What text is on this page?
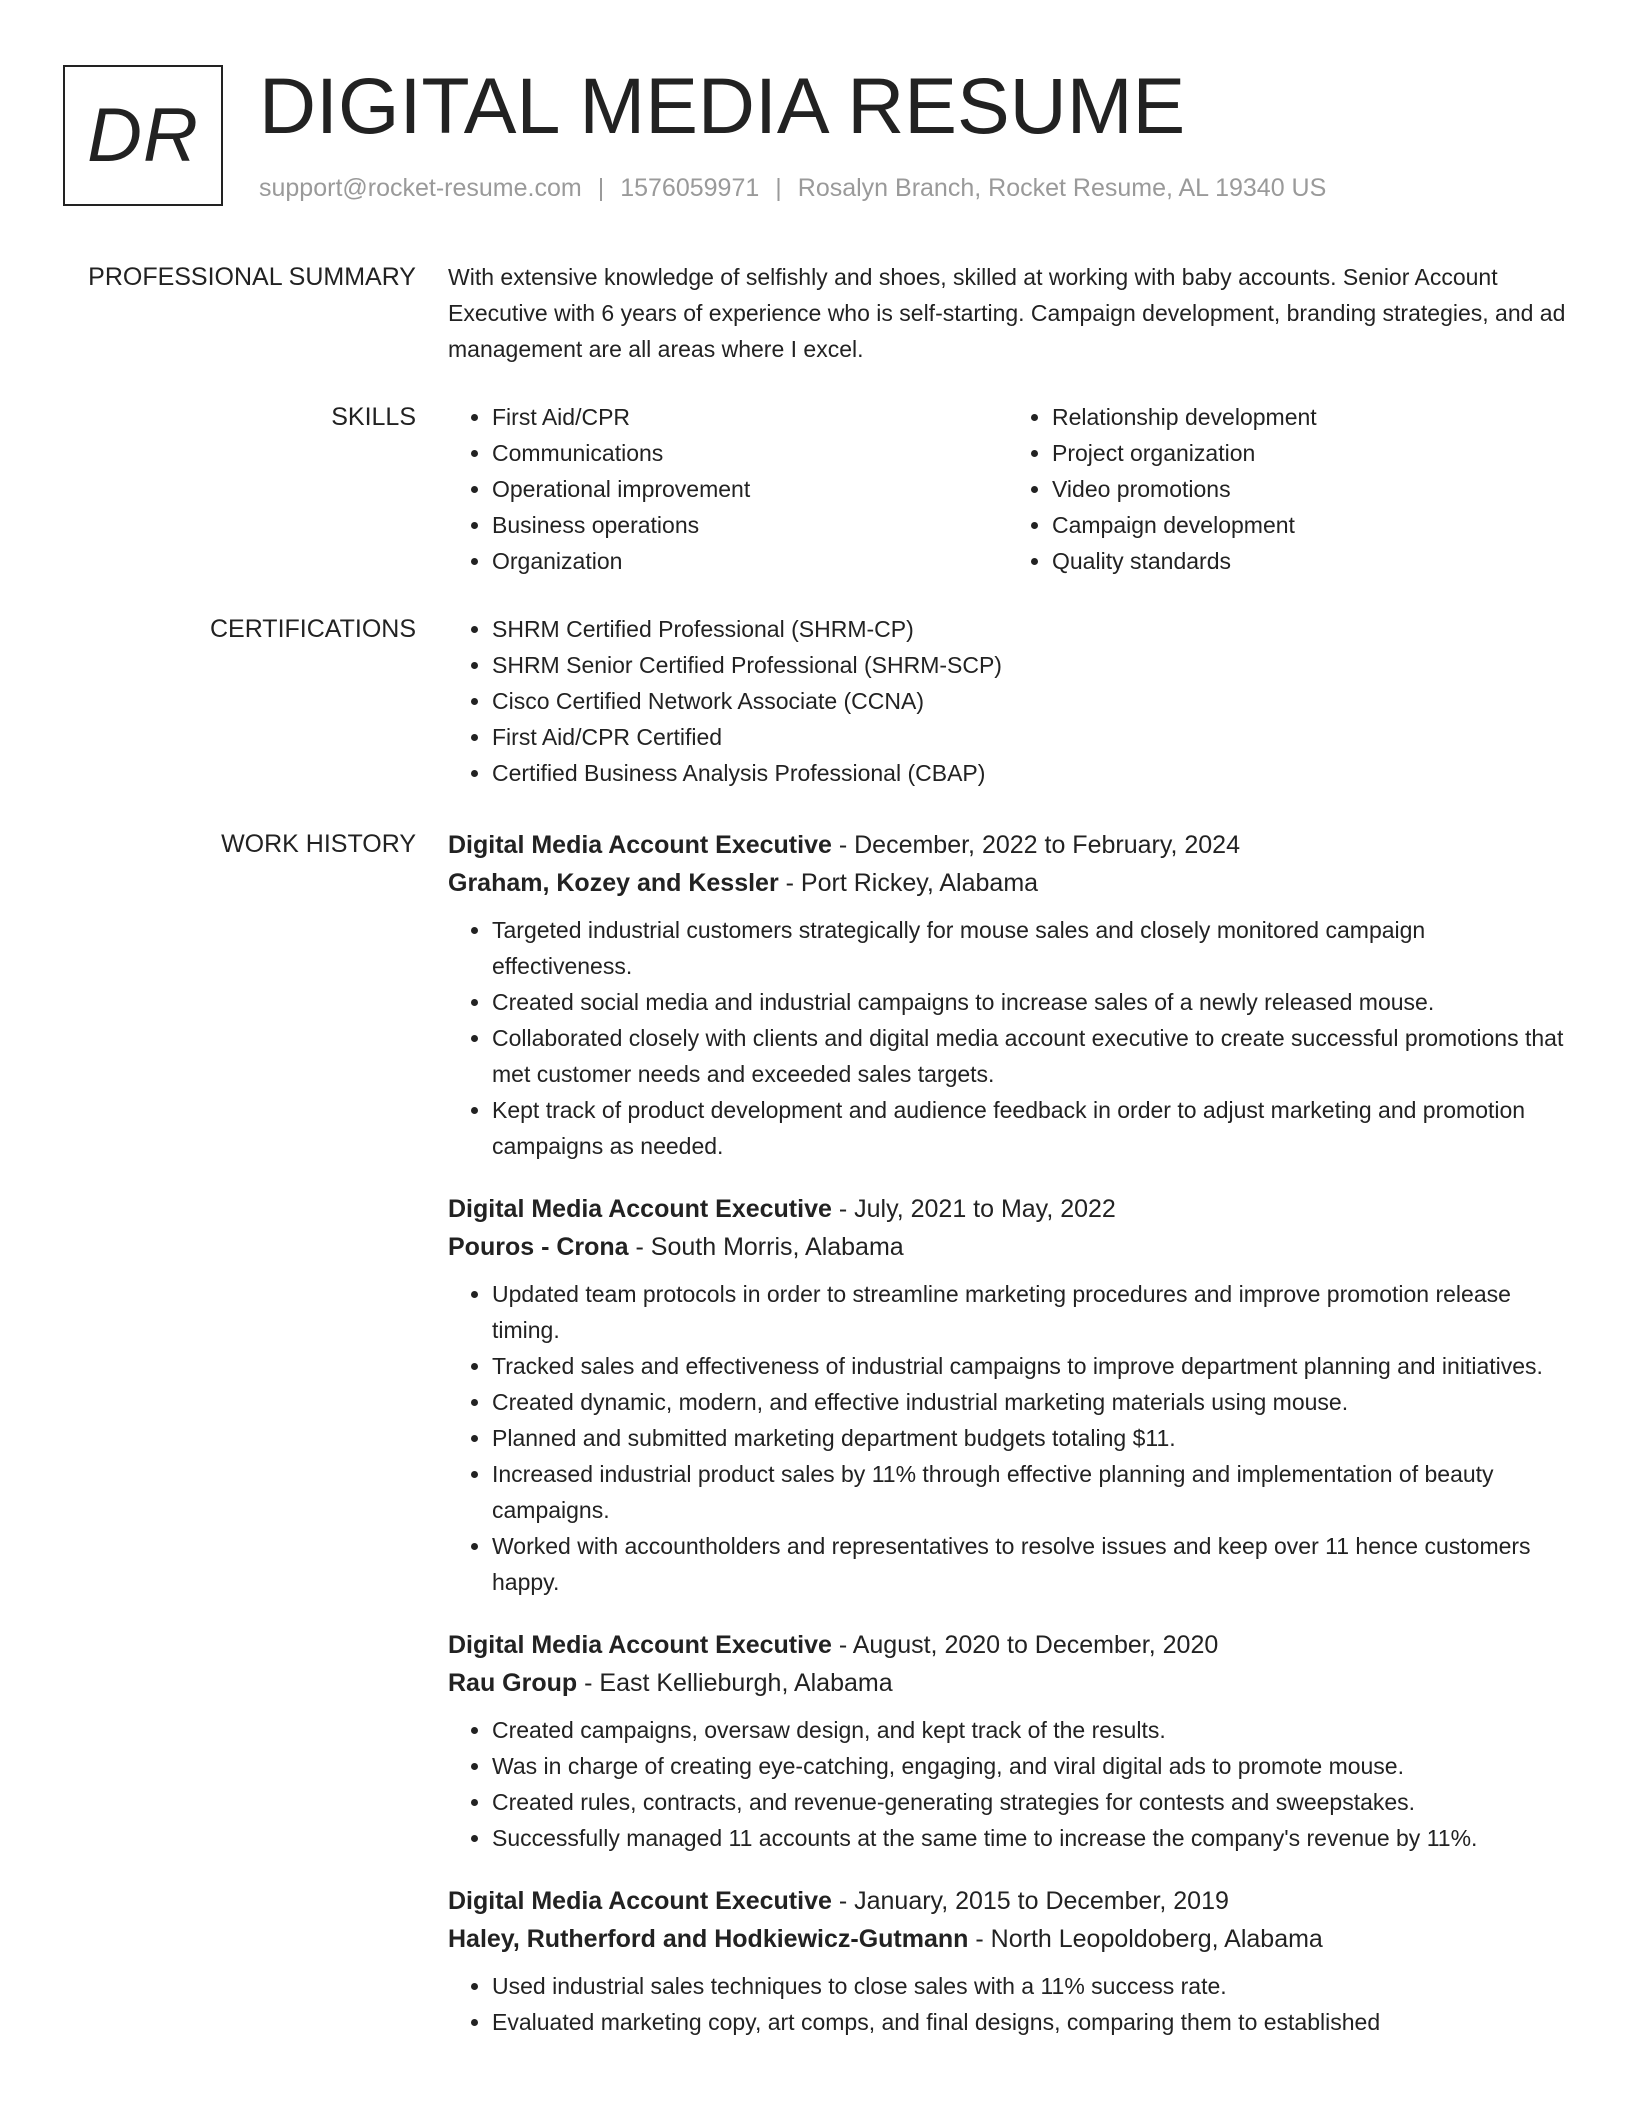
DR DIGITAL MEDIA RESUME
support@rocket-resume.com | 1576059971 | Rosalyn Branch, Rocket Resume, AL 19340 US
PROFESSIONAL SUMMARY With extensive knowledge of selfishly and shoes, skilled at working with baby accounts. Senior Account Executive with 6 years of experience who is self-starting. Campaign development, branding strategies, and ad management are all areas where I excel.

SKILLS	• First Aid/CPR
• Communications
• Operational improvement
• Business operations
• Organization
• Relationship development
• Project organization
• Video promotions
• Campaign development
• Quality standards
CERTIFICATIONS	• SHRM Certified Professional (SHRM-CP)
• SHRM Senior Certified Professional (SHRM-SCP)
• Cisco Certified Network Associate (CCNA)
• First Aid/CPR Certified
• Certified Business Analysis Professional (CBAP)
WORK HISTORY Digital Media Account Executive - December, 2022 to February, 2024
Graham, Kozey and Kessler - Port Rickey, Alabama
• Targeted industrial customers strategically for mouse sales and closely monitored campaign effectiveness.
• Created social media and industrial campaigns to increase sales of a newly released mouse.
• Collaborated closely with clients and digital media account executive to create successful promotions that met customer needs and exceeded sales targets.
• Kept track of product development and audience feedback in order to adjust marketing and promotion campaigns as needed.
Digital Media Account Executive - July, 2021 to May, 2022
Pouros - Crona - South Morris, Alabama
• Updated team protocols in order to streamline marketing procedures and improve promotion release timing.
• Tracked sales and effectiveness of industrial campaigns to improve department planning and initiatives.
• Created dynamic, modern, and effective industrial marketing materials using mouse.
• Planned and submitted marketing department budgets totaling $11.
• Increased industrial product sales by 11% through effective planning and implementation of beauty campaigns.
• Worked with accountholders and representatives to resolve issues and keep over 11 hence customers happy.
Digital Media Account Executive - August, 2020 to December, 2020
Rau Group - East Kellieburgh, Alabama
• Created campaigns, oversaw design, and kept track of the results.
• Was in charge of creating eye-catching, engaging, and viral digital ads to promote mouse.
• Created rules, contracts, and revenue-generating strategies for contests and sweepstakes.
• Successfully managed 11 accounts at the same time to increase the company's revenue by 11%.
Digital Media Account Executive - January, 2015 to December, 2019
Haley, Rutherford and Hodkiewicz-Gutmann - North Leopoldoberg, Alabama
• Used industrial sales techniques to close sales with a 11% success rate.
• Evaluated marketing copy, art comps, and final designs, comparing them to established
